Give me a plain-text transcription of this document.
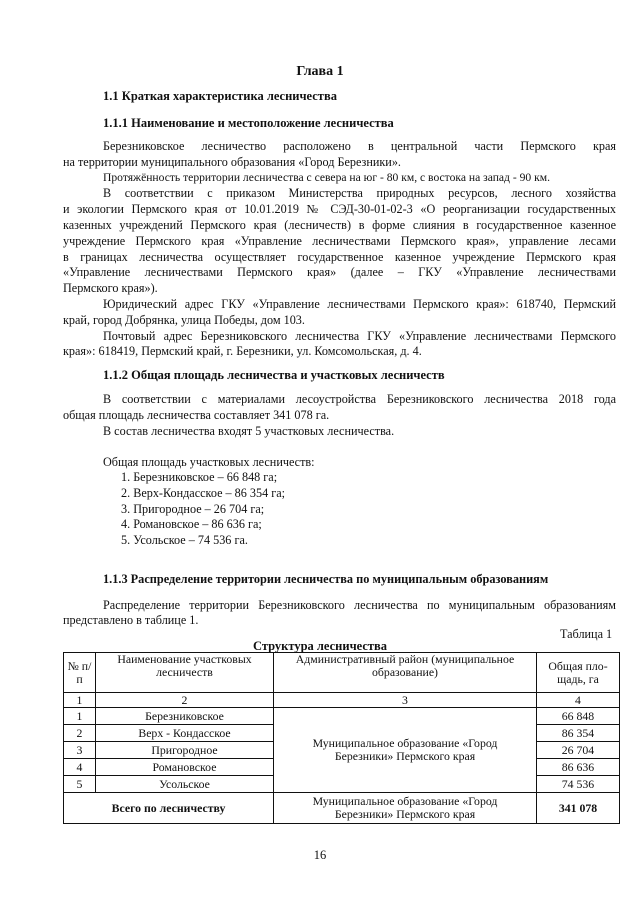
Глава 1
1.1 Краткая характеристика лесничества
1.1.1 Наименование и местоположение лесничества
Березниковское лесничество расположено в центральной части Пермского края
на территории муниципального образования «Город Березники».
Протяжённость территории лесничества с севера на юг - 80 км, с востока на запад - 90 км.
В соответствии с приказом Министерства природных ресурсов, лесного хозяйства
и экологии Пермского края от 10.01.2019 № СЭД-30-01-02-3 «О реорганизации государственных
казенных учреждений Пермского края (лесничеств) в форме слияния в государственное казенное
учреждение Пермского края «Управление лесничествами Пермского края», управление лесами
в границах лесничества осуществляет государственное казенное учреждение Пермского края
«Управление лесничествами Пермского края» (далее – ГКУ «Управление лесничествами
Пермского края»).
Юридический адрес ГКУ «Управление лесничествами Пермского края»: 618740, Пермский
край, город Добрянка, улица Победы, дом 103.
Почтовый адрес Березниковского лесничества ГКУ «Управление лесничествами Пермского
края»: 618419, Пермский край, г. Березники, ул. Комсомольская, д. 4.
1.1.2 Общая площадь лесничества и участковых лесничеств
В соответствии с материалами лесоустройства Березниковского лесничества 2018 года
общая площадь лесничества составляет 341 078 га.
В состав лесничества входят 5 участковых лесничества.
Общая площадь участковых лесничеств:
1. Березниковское – 66 848 га;
2. Верх-Кондасское – 86 354 га;
3. Пригородное – 26 704 га;
4. Романовское – 86 636 га;
5. Усольское – 74 536 га.
1.1.3 Распределение территории лесничества по муниципальным образованиям
Распределение территории Березниковского лесничества по муниципальным образованиям
представлено в таблице 1.
Таблица 1
Структура лесничества
№ п/п	Наименование участковых лесничеств	Административный район (муниципальное образование)	Общая пло-щадь, га
1	2	3	4
1	Березниковское	Муниципальное образование «Город Березники» Пермского края	66 848
2	Верх - Кондасское		86 354
3	Пригородное		26 704
4	Романовское		86 636
5	Усольское		74 536
Всего по лесничеству		Муниципальное образование «Город Березники» Пермского края	341 078
16
